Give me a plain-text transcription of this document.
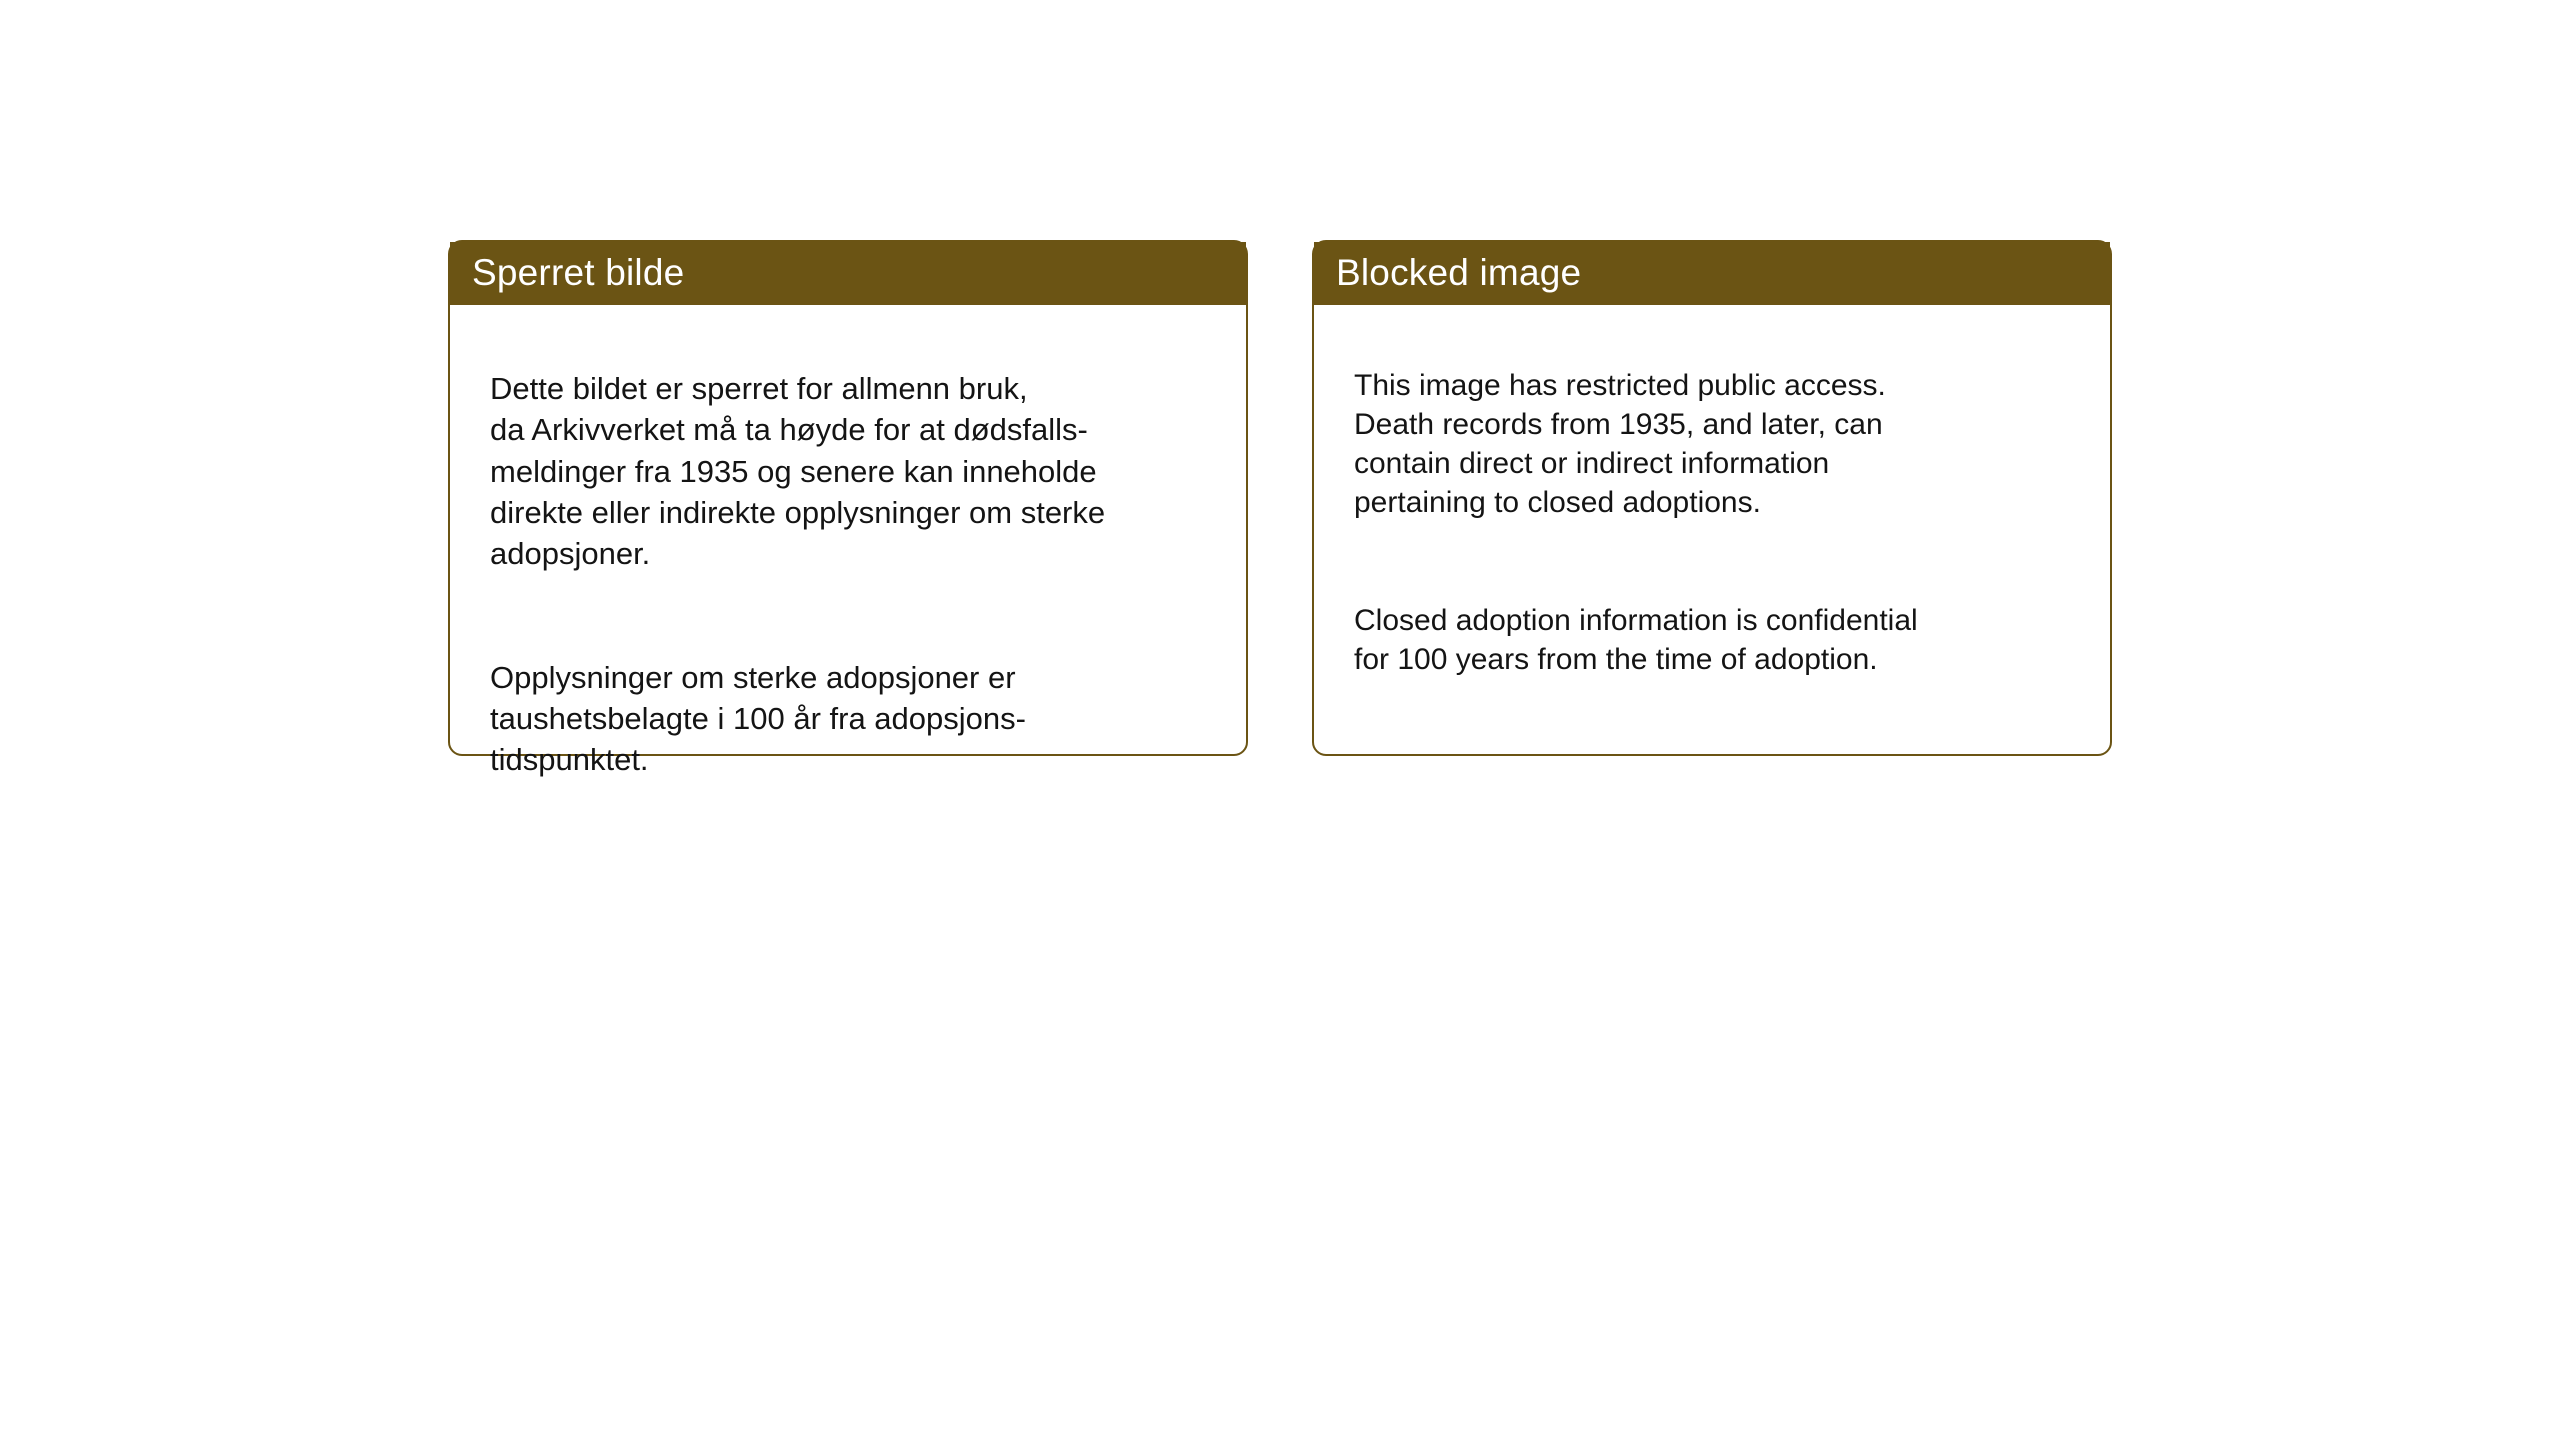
Sperret bilde

Dette bildet er sperret for allmenn bruk,
da Arkivverket må ta høyde for at dødsfalls-
meldinger fra 1935 og senere kan inneholde
direkte eller indirekte opplysninger om sterke
adopsjoner.

Opplysninger om sterke adopsjoner er
taushetsbelagte i 100 år fra adopsjons-
tidspunktet.

Blocked image

This image has restricted public access.
Death records from 1935, and later, can
contain direct or indirect information
pertaining to closed adoptions.

Closed adoption information is confidential
for 100 years from the time of adoption.
